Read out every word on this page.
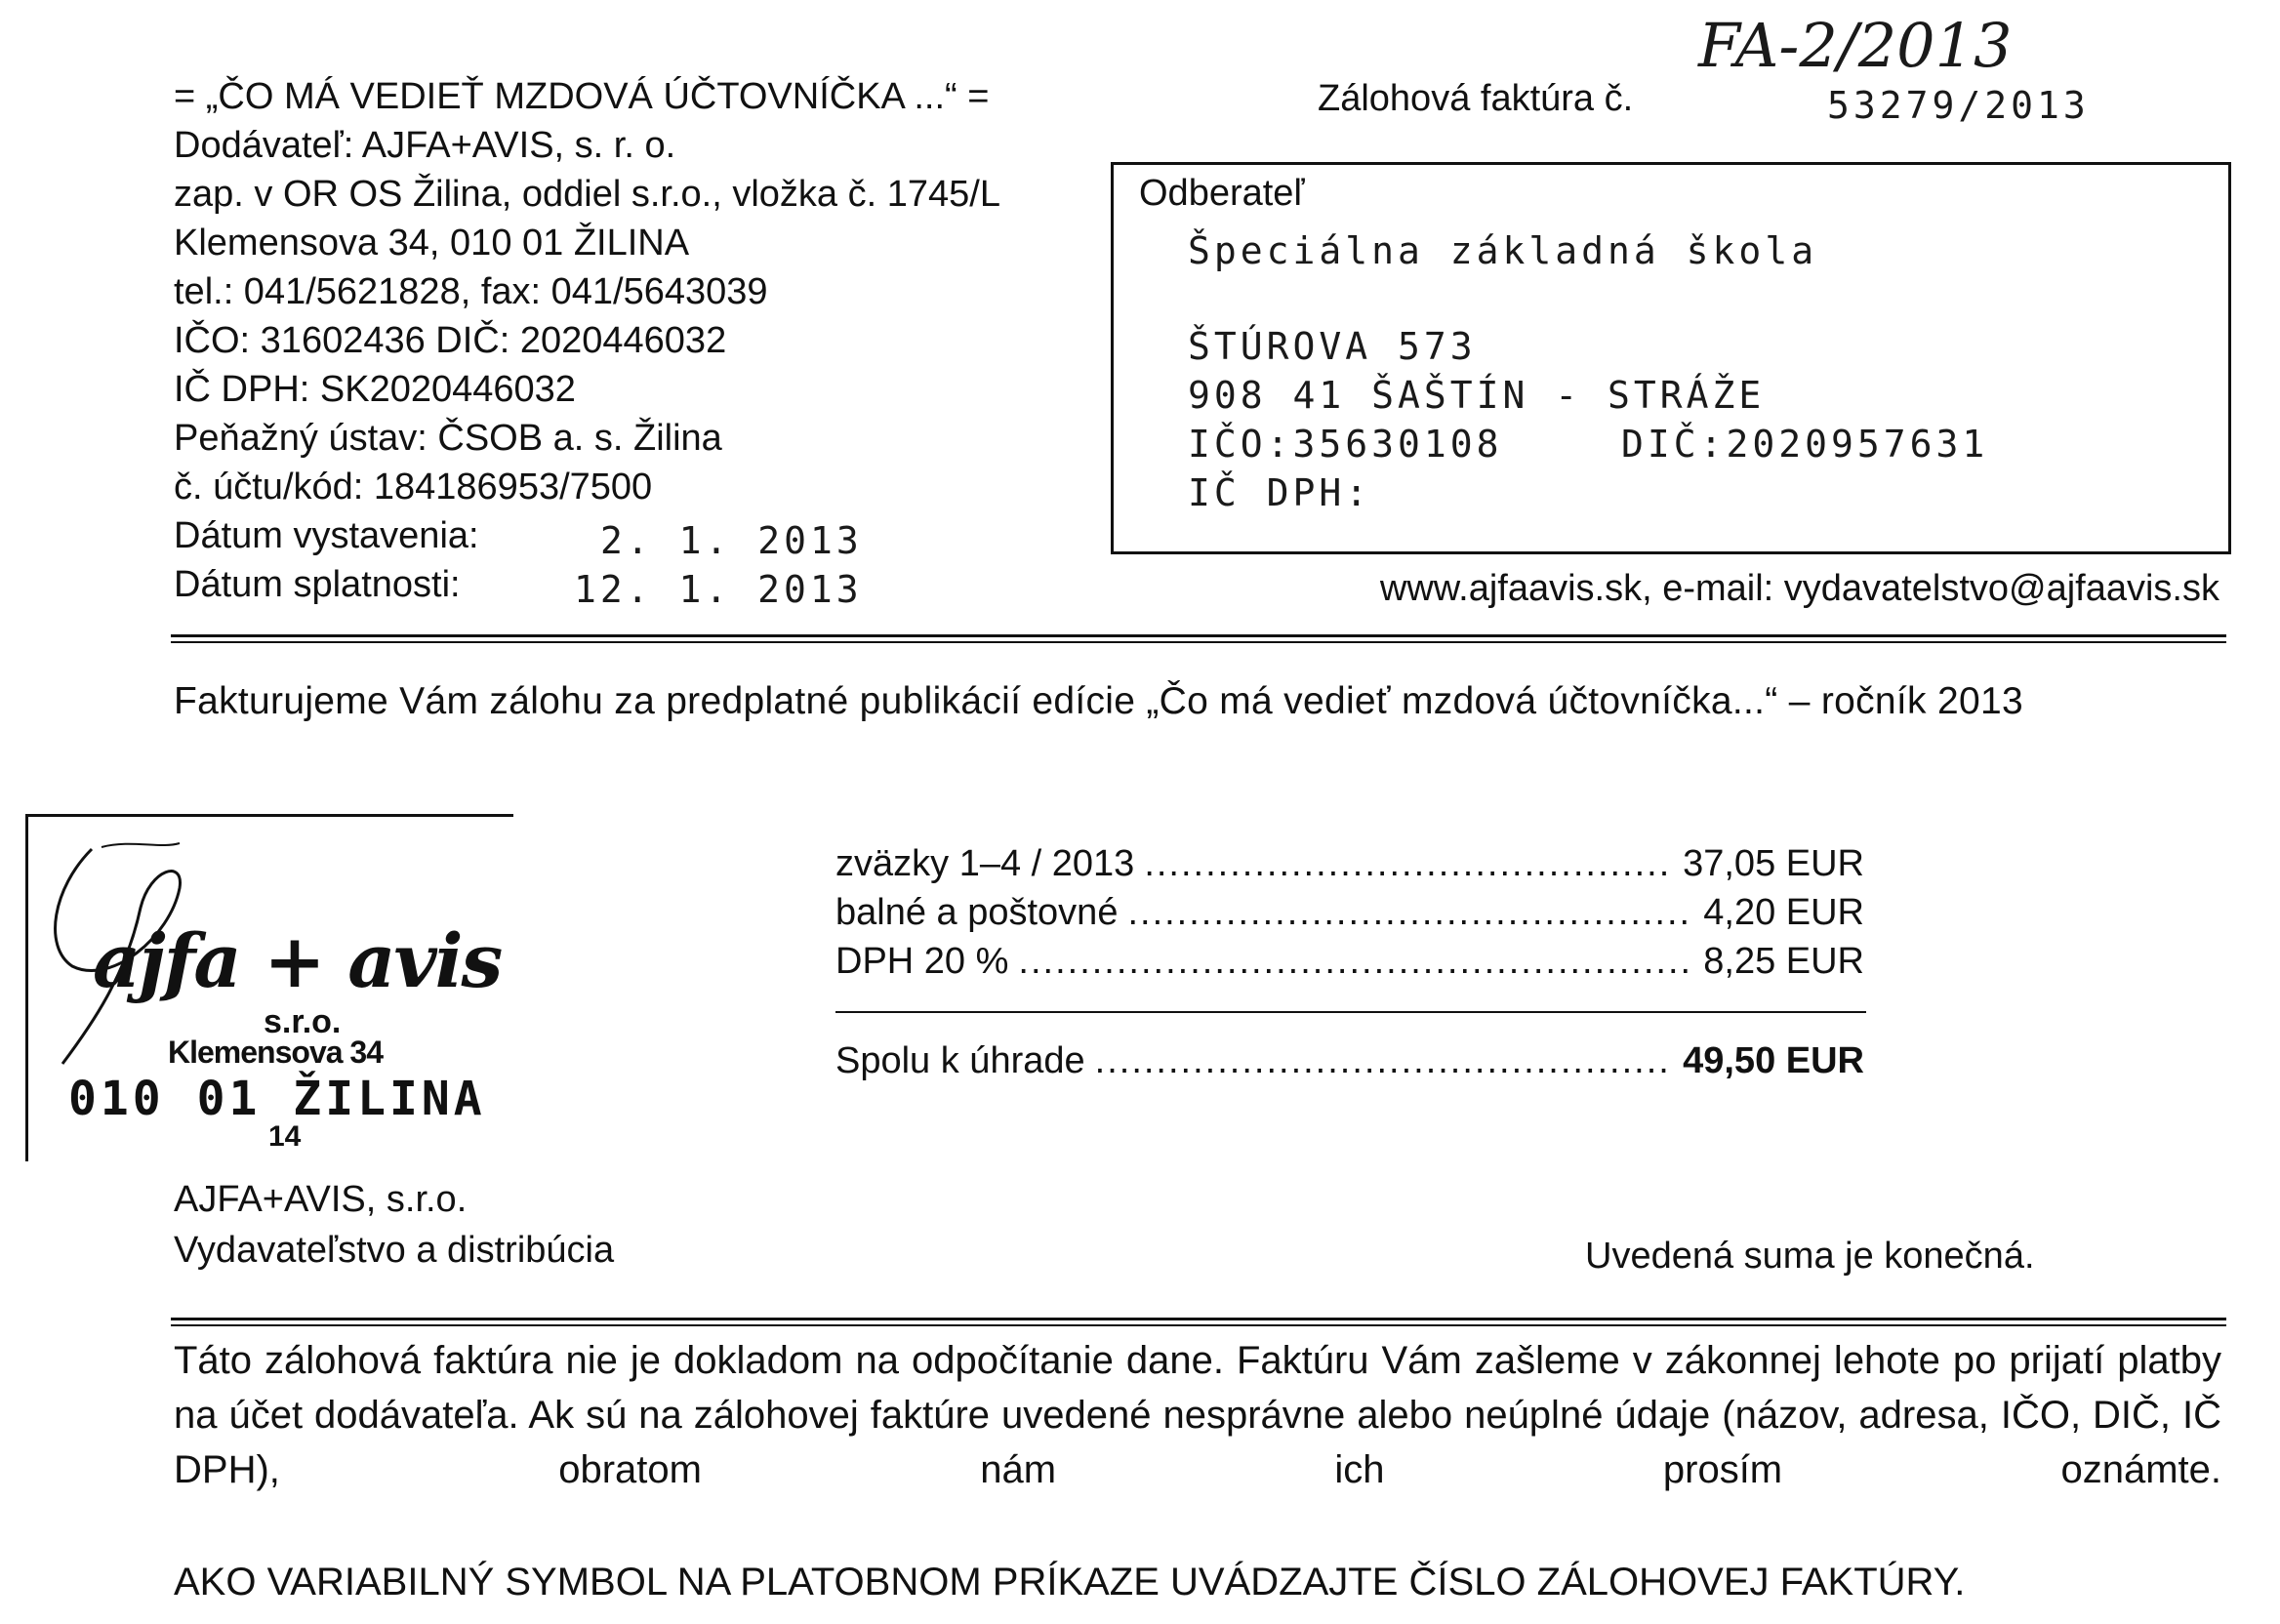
FA-2/2013
= „ČO MÁ VEDIEŤ MZDOVÁ ÚČTOVNÍČKA ...“ =
Dodávateľ: AJFA+AVIS, s. r. o.
zap. v OR OS Žilina, oddiel s.r.o., vložka č. 1745/L
Klemensova 34, 010 01 ŽILINA
tel.: 041/5621828, fax: 041/5643039
IČO: 31602436 DIČ: 2020446032
IČ DPH: SK2020446032
Peňažný ústav: ČSOB a. s. Žilina
č. účtu/kód: 184186953/7500
Dátum vystavenia:	2. 1. 2013
Dátum splatnosti:	12. 1. 2013
Zálohová faktúra č.	53279/2013
Odberateľ
Špeciálna základná škola
ŠTÚROVA 573
908 41 ŠAŠTÍN - STRÁŽE
IČO:35630108	DIČ:2020957631
IČ DPH:
www.ajfaavis.sk, e-mail: vydavatelstvo@ajfaavis.sk
Fakturujeme Vám zálohu za predplatné publikácií edície „Čo má vedieť mzdová účtovníčka...“ – ročník 2013
zväzky 1–4 / 2013 .....	37,05 EUR
balné a poštovné .....	4,20 EUR
DPH 20 % .....	8,25 EUR
Spolu k úhrade .....	49,50 EUR
ajfa + avis
s.r.o.
Klemensova 34
010 01 ŽILINA
14
AJFA+AVIS, s.r.o.
Vydavateľstvo a distribúcia	Uvedená suma je konečná.
Táto zálohová faktúra nie je dokladom na odpočítanie dane. Faktúru Vám zašleme v zákonnej lehote po prijatí platby na účet dodávateľa. Ak sú na zálohovej faktúre uvedené nesprávne alebo neúplné údaje (názov, adresa, IČO, DIČ, IČ DPH), obratom nám ich prosím oznámte.
AKO VARIABILNÝ SYMBOL NA PLATOBNOM PRÍKAZE UVÁDZAJTE ČÍSLO ZÁLOHOVEJ FAKTÚRY.
